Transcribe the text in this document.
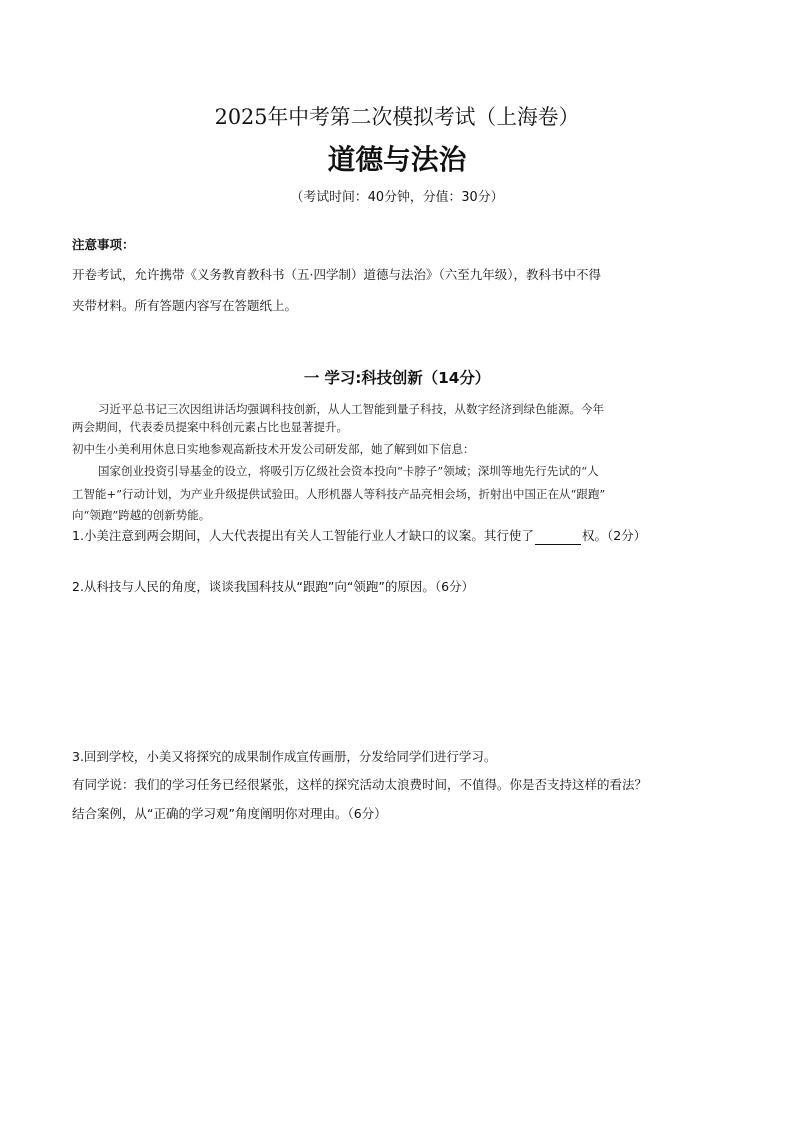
2025年中考第二次模拟考试（上海卷）

道德与法治

（考试时间：40分钟，分值：30分）

注意事项：

开卷考试，允许携带《义务教育教科书（五·四学制）道德与法治》（六至九年级），教科书中不得

夹带材料。所有答题内容写在答题纸上。

一 学习:科技创新（14分）

习近平总书记三次因组讲话均强调科技创新，从人工智能到量子科技，从数字经济到绿色能源。今年

两会期间，代表委员提案中科创元素占比也显著提升。

初中生小美利用休息日实地参观高新技术开发公司研发部，她了解到如下信息：

国家创业投资引导基金的设立，将吸引万亿级社会资本投向“卡脖子”领域；深圳等地先行先试的“人

工智能+”行动计划，为产业升级提供试验田。人形机器人等科技产品亮相会场，折射出中国正在从“跟跑”

向“领跑”跨越的创新势能。

1.小美注意到两会期间，人大代表提出有关人工智能行业人才缺口的议案。其行使了	权。（2分）

2.从科技与人民的角度，谈谈我国科技从“跟跑”向“领跑”的原因。（6分）

3.回到学校，小美又将探究的成果制作成宣传画册，分发给同学们进行学习。

有同学说：我们的学习任务已经很紧张，这样的探究活动太浪费时间，不值得。你是否支持这样的看法？

结合案例，从“正确的学习观”角度阐明你对理由。（6分）
